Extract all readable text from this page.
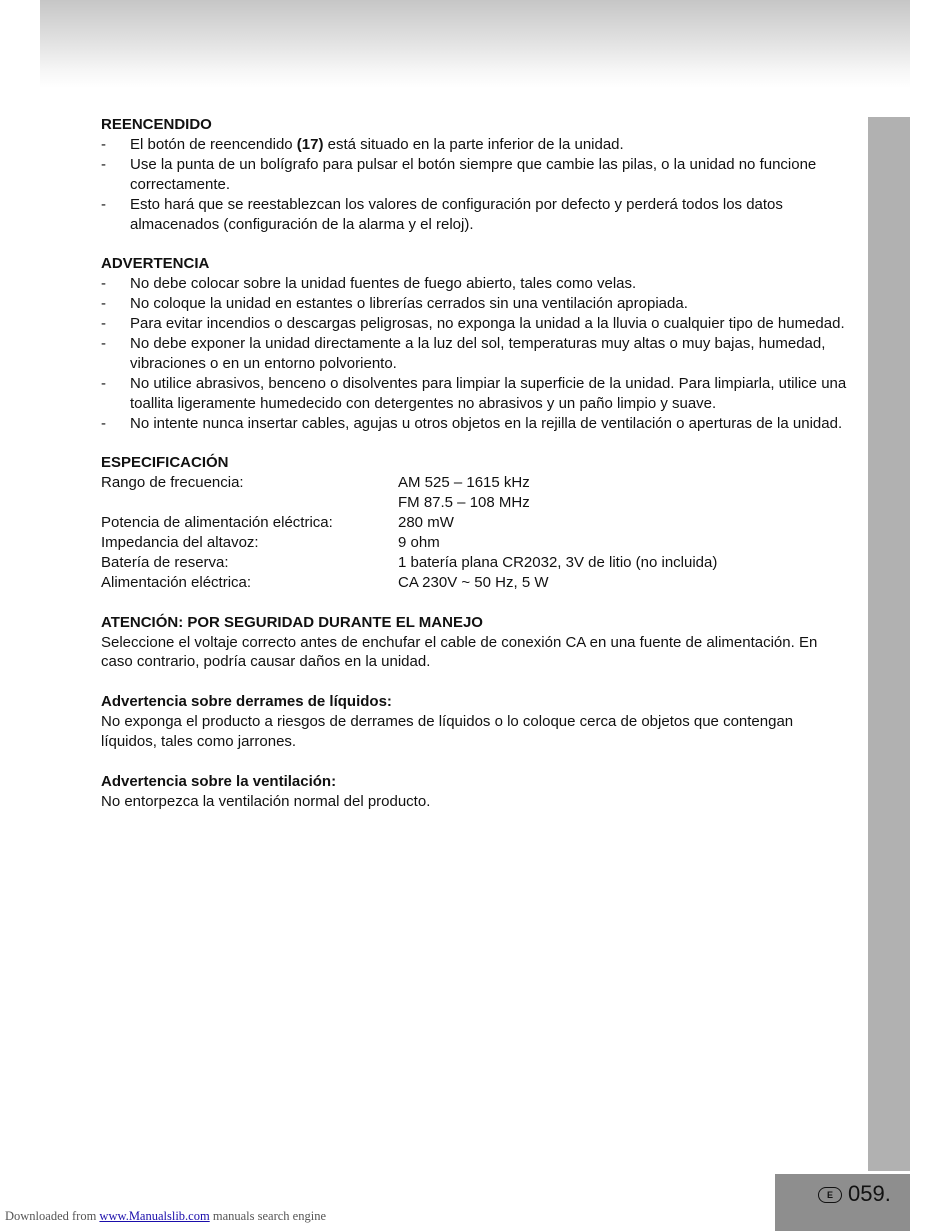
E 059.
REENCENDIDO
- El botón de reencendido (17) está situado en la parte inferior de la unidad.
- Use la punta de un bolígrafo para pulsar el botón siempre que cambie las pilas, o la unidad no funcione correctamente.
- Esto hará que se reestablezcan los valores de configuración por defecto y perderá todos los datos almacenados (configuración de la alarma y el reloj).
ADVERTENCIA
- No debe colocar sobre la unidad fuentes de fuego abierto, tales como velas.
- No coloque la unidad en estantes o librerías cerrados sin una ventilación apropiada.
- Para evitar incendios o descargas peligrosas, no exponga la unidad a la lluvia o cualquier tipo de humedad.
- No debe exponer la unidad directamente a la luz del sol, temperaturas muy altas o muy bajas, humedad, vibraciones o en un entorno polvoriento.
- No utilice abrasivos, benceno o disolventes para limpiar la superficie de la unidad. Para limpiarla, utilice una toallita ligeramente humedecido con detergentes no abrasivos y un paño limpio y suave.
- No intente nunca insertar cables, agujas u otros objetos en la rejilla de ventilación o aperturas de la unidad.
ESPECIFICACIÓN
Rango de frecuencia:	AM 525 – 1615 kHz
FM 87.5 – 108 MHz
Potencia de alimentación eléctrica:	280 mW
Impedancia del altavoz:	9 ohm
Batería de reserva:	1 batería plana CR2032, 3V de litio (no incluida)
Alimentación eléctrica:	CA 230V ~ 50 Hz, 5 W
ATENCIÓN: POR SEGURIDAD DURANTE EL MANEJO
Seleccione el voltaje correcto antes de enchufar el cable de conexión CA en una fuente de alimentación. En caso contrario, podría causar daños en la unidad.
Advertencia sobre derrames de líquidos:
No exponga el producto a riesgos de derrames de líquidos o lo coloque cerca de objetos que contengan líquidos, tales como jarrones.
Advertencia sobre la ventilación:
No entorpezca la ventilación normal del producto.
Downloaded from www.Manualslib.com manuals search engine
